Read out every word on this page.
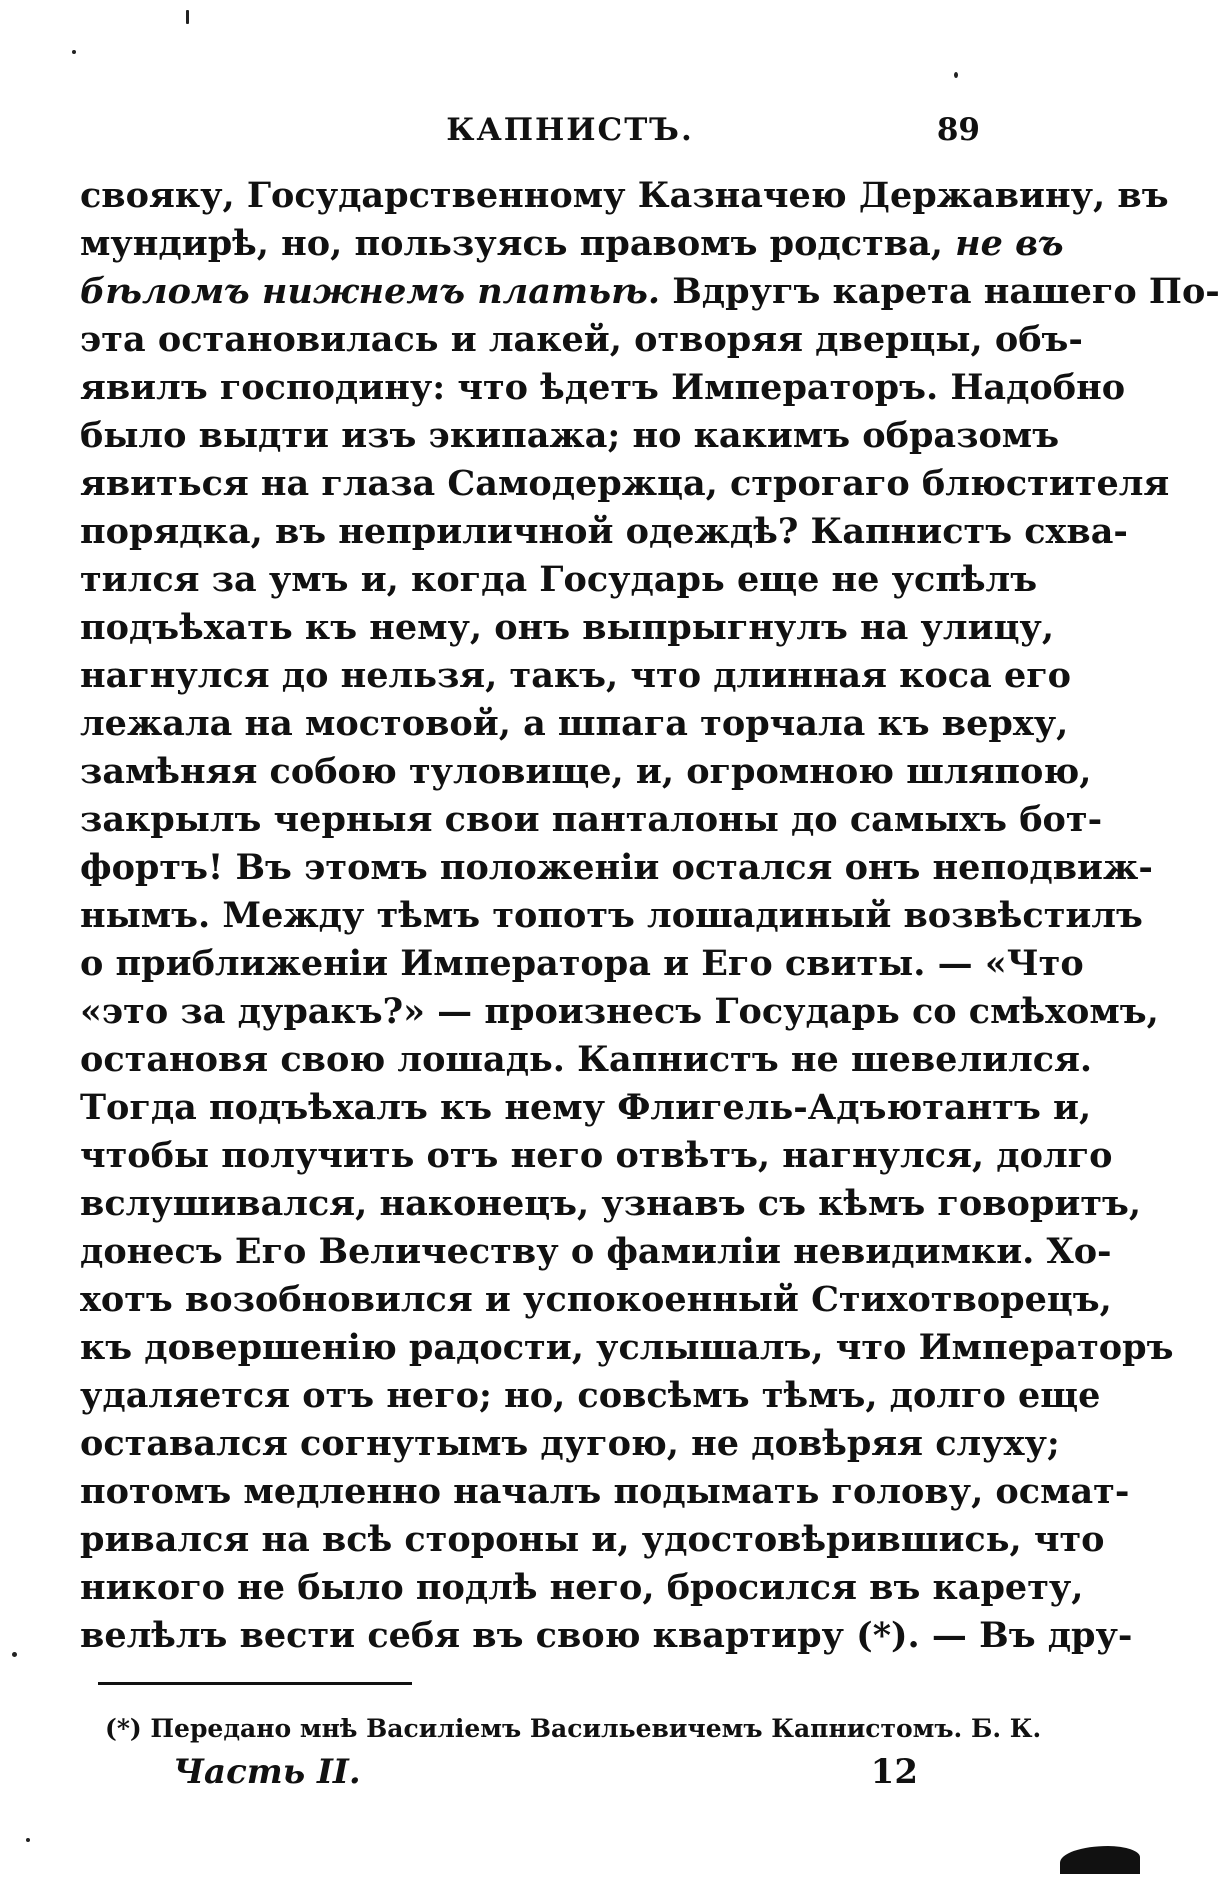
КАПНИСТЪ.	89
свояку, Государственному Казначею Державину, въ
мундирѣ, но, пользуясь правомъ родства, не въ
бѣломъ нижнемъ платьѣ. Вдругъ карета нашего По-
эта остановилась и лакей, отворяя дверцы, объ-
явилъ господину: что ѣдетъ Императоръ. Надобно
было выдти изъ экипажа; но какимъ образомъ
явиться на глаза Самодержца, строгаго блюстителя
порядка, въ неприличной одеждѣ? Капнистъ схва-
тился за умъ и, когда Государь еще не успѣлъ
подъѣхать къ нему, онъ выпрыгнулъ на улицу,
нагнулся до нельзя, такъ, что длинная коса его
лежала на мостовой, а шпага торчала къ верху,
замѣняя собою туловище, и, огромною шляпою,
закрылъ черныя свои панталоны до самыхъ бот-
фортъ! Въ этомъ положенiи остался онъ неподвиж-
нымъ. Между тѣмъ топотъ лошадиный возвѣстилъ
о приближенiи Императора и Его свиты. — «Что
«это за дуракъ?» — произнесъ Государь со смѣхомъ,
остановя свою лошадь. Капнистъ не шевелился.
Тогда подъѣхалъ къ нему Флигель-Адъютантъ и,
чтобы получить отъ него отвѣтъ, нагнулся, долго
вслушивался, наконецъ, узнавъ съ кѣмъ говоритъ,
донесъ Его Величеству о фамилiи невидимки. Хо-
хотъ возобновился и успокоенный Стихотворецъ,
къ довершенiю радости, услышалъ, что Императоръ
удаляется отъ него; но, совсѣмъ тѣмъ, долго еще
оставался согнутымъ дугою, не довѣряя слуху;
потомъ медленно началъ подымать голову, осмат-
ривался на всѣ стороны и, удостовѣрившись, что
никого не было подлѣ него, бросился въ карету,
велѣлъ вести себя въ свою квартиру (*). — Въ дру-
(*) Передано мнѣ Василiемъ Васильевичемъ Капнистомъ. Б. К.
Часть II.	12
